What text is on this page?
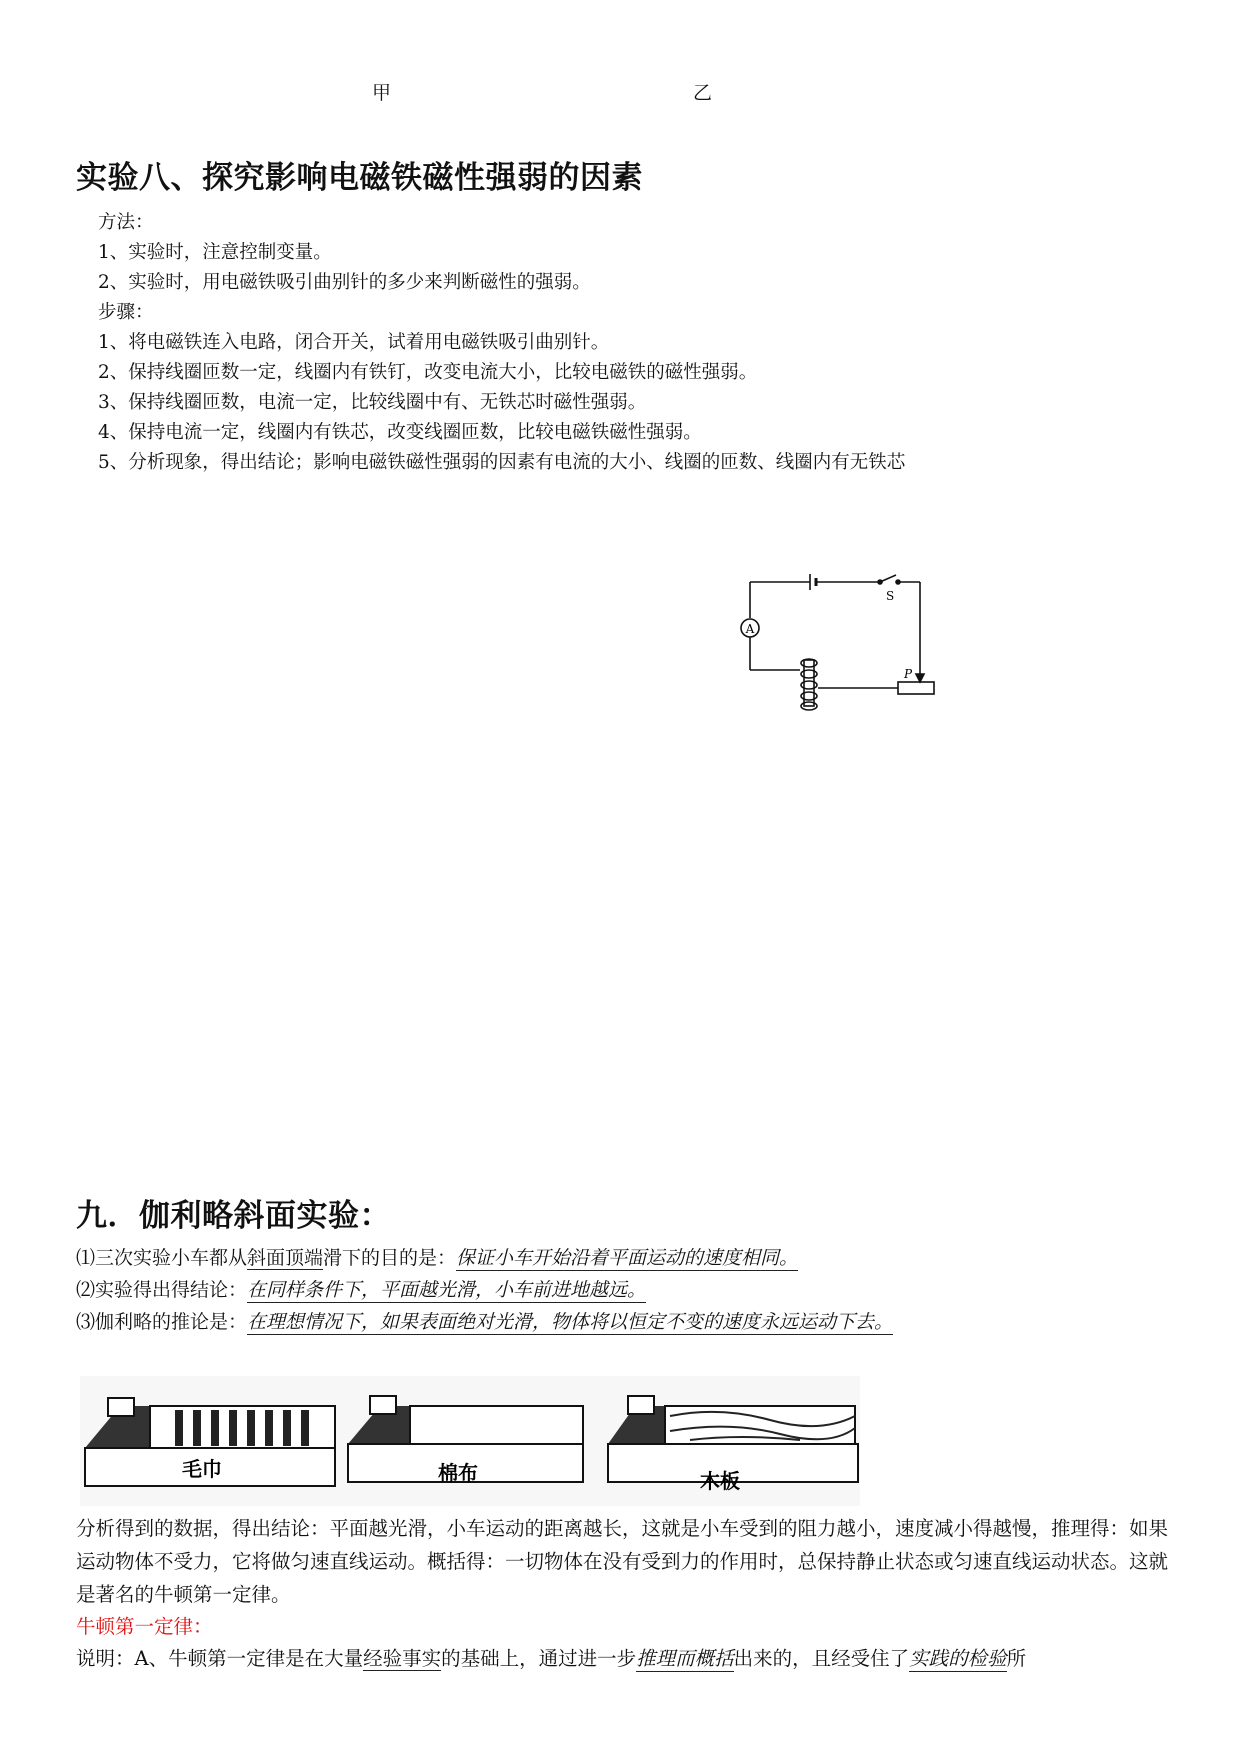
甲	乙
实验八、探究影响电磁铁磁性强弱的因素
方法：
1、实验时，注意控制变量。
2、实验时，用电磁铁吸引曲别针的多少来判断磁性的强弱。
步骤：
1、将电磁铁连入电路，闭合开关，试着用电磁铁吸引曲别针。
2、保持线圈匝数一定，线圈内有铁钉，改变电流大小，比较电磁铁的磁性强弱。
3、保持线圈匝数，电流一定，比较线圈中有、无铁芯时磁性强弱。
4、保持电流一定，线圈内有铁芯，改变线圈匝数，比较电磁铁磁性强弱。
5、分析现象，得出结论；影响电磁铁磁性强弱的因素有电流的大小、线圈的匝数、线圈内有无铁芯
A
S
P
九．伽利略斜面实验：
⑴三次实验小车都从斜面顶端滑下的目的是：保证小车开始沿着平面运动的速度相同。
⑵实验得出得结论：在同样条件下，平面越光滑，小车前进地越远。
⑶伽利略的推论是：在理想情况下，如果表面绝对光滑，物体将以恒定不变的速度永远运动下去。
毛巾	棉布	木板
分析得到的数据，得出结论：平面越光滑，小车运动的距离越长，这就是小车受到的阻力越小，速度减小得越慢，推理得：如果运动物体不受力，它将做匀速直线运动。概括得：一切物体在没有受到力的作用时，总保持静止状态或匀速直线运动状态。这就是著名的牛顿第一定律。
牛顿第一定律：
说明：A、牛顿第一定律是在大量经验事实的基础上，通过进一步推理而概括出来的，且经受住了实践的检验所
